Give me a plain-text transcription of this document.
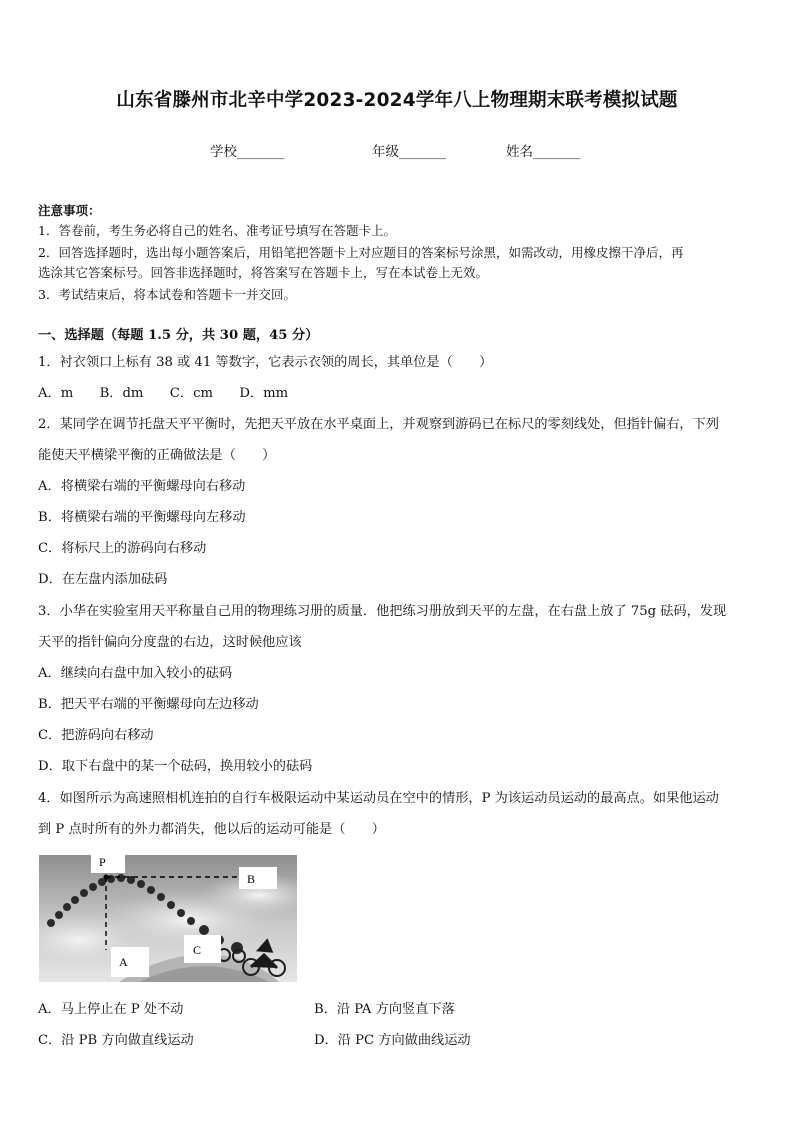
山东省滕州市北辛中学2023-2024学年八上物理期末联考模拟试题
学校_______	年级_______	姓名_______
注意事项：
1．答卷前，考生务必将自己的姓名、准考证号填写在答题卡上。
2．回答选择题时，选出每小题答案后，用铅笔把答题卡上对应题目的答案标号涂黑，如需改动，用橡皮擦干净后，再
选涂其它答案标号。回答非选择题时，将答案写在答题卡上，写在本试卷上无效。
3．考试结束后，将本试卷和答题卡一并交回。
一、选择题（每题 1.5 分，共 30 题，45 分）
1．衬衣领口上标有 38 或 41 等数字，它表示衣领的周长，其单位是（　　）
A．m　　B．dm　　C．cm　　D．mm
2．某同学在调节托盘天平平衡时，先把天平放在水平桌面上，并观察到游码已在标尺的零刻线处，但指针偏右，下列
能使天平横梁平衡的正确做法是（　　）
A．将横梁右端的平衡螺母向右移动
B．将横梁右端的平衡螺母向左移动
C．将标尺上的游码向右移动
D．在左盘内添加砝码
3．小华在实验室用天平称量自己用的物理练习册的质量．他把练习册放到天平的左盘，在右盘上放了 75g 砝码，发现
天平的指针偏向分度盘的右边，这时候他应该
A．继续向右盘中加入较小的砝码
B．把天平右端的平衡螺母向左边移动
C．把游码向右移动
D．取下右盘中的某一个砝码，换用较小的砝码
4．如图所示为高速照相机连拍的自行车极限运动中某运动员在空中的情形，P 为该运动员运动的最高点。如果他运动
到 P 点时所有的外力都消失，他以后的运动可能是（　　）
P
B
C
A
A．马上停止在 P 处不动	B．沿 PA 方向竖直下落
C．沿 PB 方向做直线运动	D．沿 PC 方向做曲线运动
